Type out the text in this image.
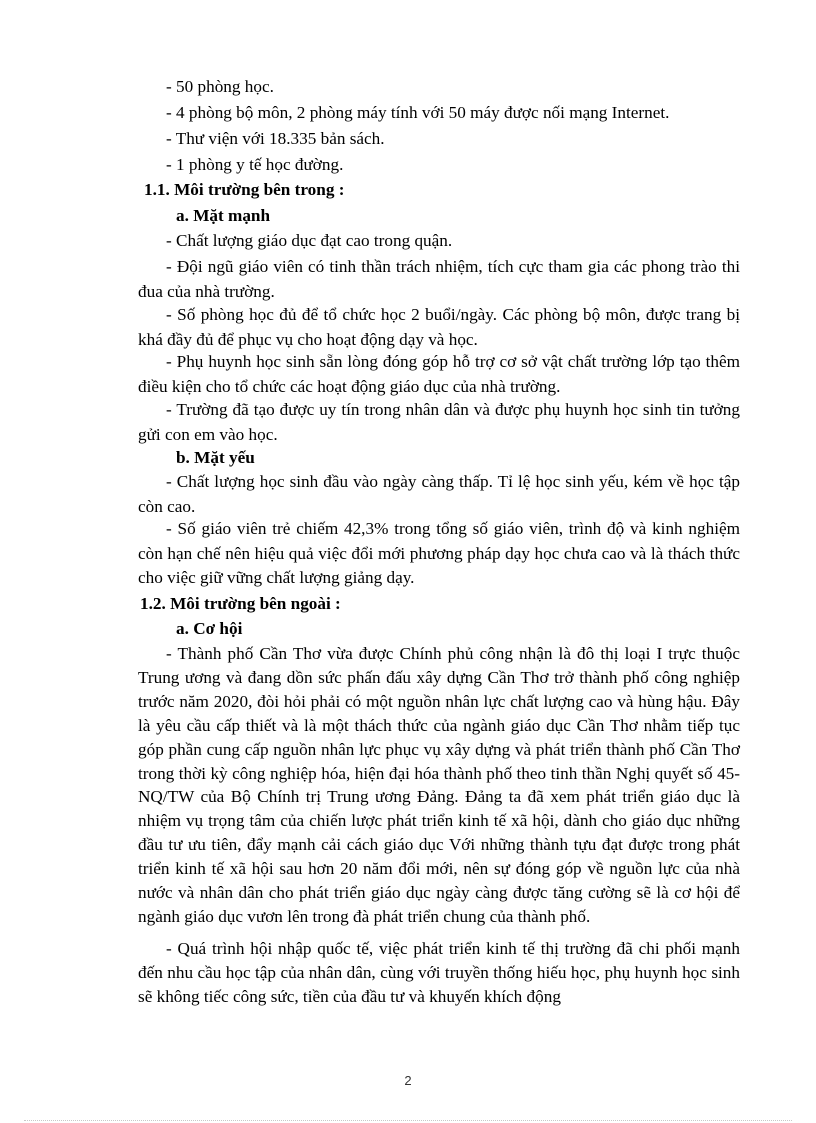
- 50 phòng học.

- 4 phòng bộ môn, 2 phòng máy tính với 50 máy được nối mạng Internet.

- Thư viện với 18.335 bản sách.

- 1 phòng y tế học đường.

1.1. Môi trường bên trong :
a. Mặt mạnh
- Chất lượng giáo dục đạt cao trong quận.
- Đội ngũ giáo viên có tinh thần trách nhiệm, tích cực tham gia các phong trào thi đua của nhà trường.
- Số phòng học đủ để tổ chức học 2 buổi/ngày. Các phòng bộ môn, được trang bị khá đầy đủ để phục vụ cho hoạt động dạy và học.
- Phụ huynh học sinh sẵn lòng đóng góp hỗ trợ cơ sở vật chất trường lớp tạo thêm điều kiện cho tổ chức các hoạt động giáo dục của nhà trường.
- Trường đã tạo được uy tín trong nhân dân và được phụ huynh học sinh tin tưởng gửi con em vào học.
b. Mặt yếu
- Chất lượng học sinh đầu vào ngày càng thấp. Tỉ lệ học sinh yếu, kém về học tập còn cao.
- Số giáo viên trẻ chiếm 42,3% trong tổng số giáo viên, trình độ và kinh nghiệm còn hạn chế nên hiệu quả việc đổi mới phương pháp dạy học chưa cao và là thách thức cho việc giữ vững chất lượng giảng dạy.
1.2. Môi trường bên ngoài :
a. Cơ hội
- Thành phố Cần Thơ vừa được Chính phủ công nhận là đô thị loại I trực thuộc Trung ương và đang dồn sức phấn đấu xây dựng Cần Thơ trở thành phố công nghiệp trước năm 2020, đòi hỏi phải có một nguồn nhân lực chất lượng cao và hùng hậu. Đây là yêu cầu cấp thiết và là một thách thức của ngành giáo dục Cần Thơ nhằm tiếp tục góp phần cung cấp nguồn nhân lực phục vụ xây dựng và phát triển thành phố Cần Thơ trong thời kỳ công nghiệp hóa, hiện đại hóa thành phố theo tinh thần Nghị quyết số 45-NQ/TW của Bộ Chính trị Trung ương Đảng. Đảng ta đã xem phát triển giáo dục là nhiệm vụ trọng tâm của chiến lược phát triển kinh tế xã hội, dành cho giáo dục những đầu tư ưu tiên, đẩy mạnh cải cách giáo dục Với những thành tựu đạt được trong phát triển kinh tế xã hội sau hơn 20 năm đổi mới, nên sự đóng góp về nguồn lực của nhà nước và nhân dân cho phát triển giáo dục ngày càng được tăng cường sẽ là cơ hội để ngành giáo dục vươn lên trong đà phát triển chung của thành phố.
- Quá trình hội nhập quốc tế, việc phát triển kinh tế thị trường đã chi phối mạnh đến nhu cầu học tập của nhân dân, cùng với truyền thống hiếu học, phụ huynh học sinh sẽ không tiếc công sức, tiền của đầu tư và khuyến khích động
2
